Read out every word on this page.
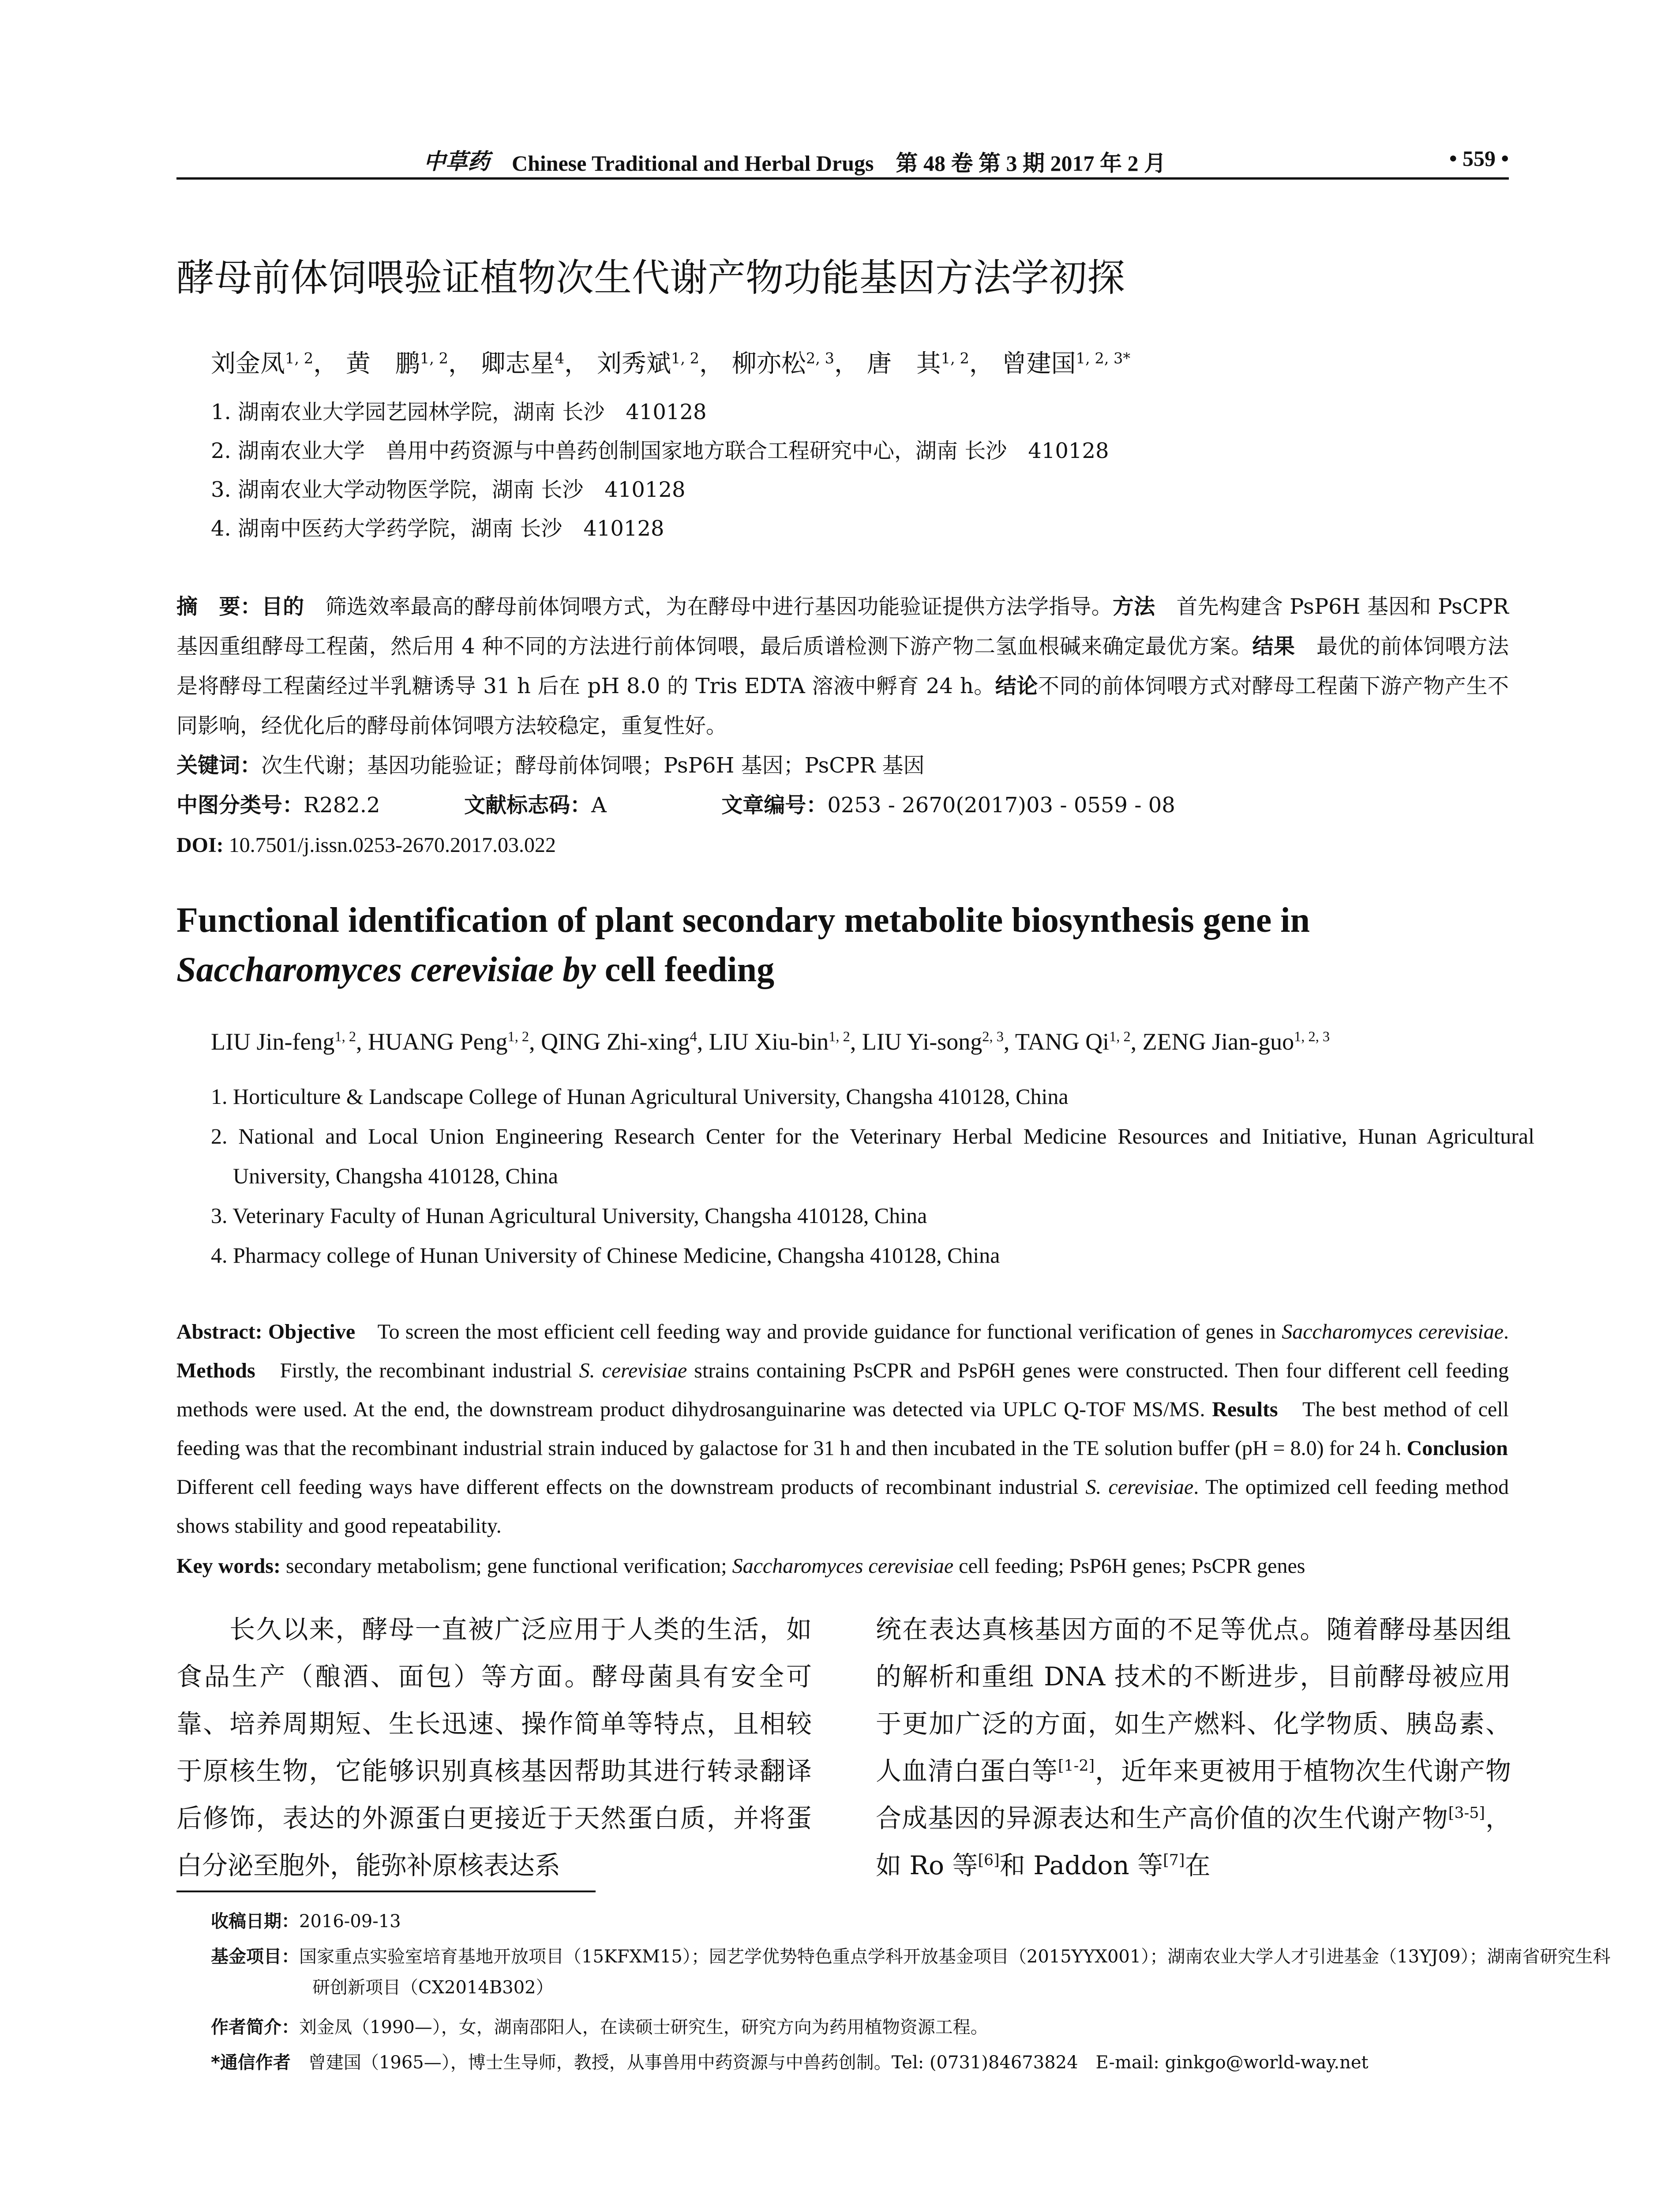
中草药 Chinese Traditional and Herbal Drugs　第 48 卷 第 3 期 2017 年 2 月	• 559 •
酵母前体饲喂验证植物次生代谢产物功能基因方法学初探
刘金凤$^{1, 2}$， 黄　鹏$^{1, 2}$， 卿志星$^4$， 刘秀斌$^{1, 2}$， 柳亦松$^{2, 3}$， 唐　其$^{1, 2}$， 曾建国$^{1, 2, 3*}$
1. 湖南农业大学园艺园林学院，湖南 长沙　410128
2. 湖南农业大学　兽用中药资源与中兽药创制国家地方联合工程研究中心，湖南 长沙　410128
3. 湖南农业大学动物医学院，湖南 长沙　410128
4. 湖南中医药大学药学院，湖南 长沙　410128
摘　要：目的　筛选效率最高的酵母前体饲喂方式，为在酵母中进行基因功能验证提供方法学指导。方法　首先构建含 PsP6H 基因和 PsCPR 基因重组酵母工程菌，然后用 4 种不同的方法进行前体饲喂，最后质谱检测下游产物二氢血根碱来确定最优方案。结果　最优的前体饲喂方法是将酵母工程菌经过半乳糖诱导 31 h 后在 pH 8.0 的 Tris EDTA 溶液中孵育 24 h。结论不同的前体饲喂方式对酵母工程菌下游产物产生不同影响，经优化后的酵母前体饲喂方法较稳定，重复性好。
关键词：次生代谢；基因功能验证；酵母前体饲喂；PsP6H 基因；PsCPR 基因
中图分类号：R282.2	文献标志码：A	文章编号：0253 - 2670(2017)03 - 0559 - 08
DOI: 10.7501/j.issn.0253-2670.2017.03.022
Functional identification of plant secondary metabolite biosynthesis gene in
Saccharomyces cerevisiae by cell feeding
LIU Jin-feng$^{1, 2}$, HUANG Peng$^{1, 2}$, QING Zhi-xing$^4$, LIU Xiu-bin$^{1, 2}$, LIU Yi-song$^{2, 3}$, TANG Qi$^{1, 2}$, ZENG Jian-guo$^{1, 2, 3}$
1. Horticulture & Landscape College of Hunan Agricultural University, Changsha 410128, China
2. National and Local Union Engineering Research Center for the Veterinary Herbal Medicine Resources and Initiative, Hunan Agricultural University, Changsha 410128, China
3. Veterinary Faculty of Hunan Agricultural University, Changsha 410128, China
4. Pharmacy college of Hunan University of Chinese Medicine, Changsha 410128, China
Abstract: Objective　To screen the most efficient cell feeding way and provide guidance for functional verification of genes in Saccharomyces cerevisiae. Methods　Firstly, the recombinant industrial S. cerevisiae strains containing PsCPR and PsP6H genes were constructed. Then four different cell feeding methods were used. At the end, the downstream product dihydrosanguinarine was detected via UPLC Q-TOF MS/MS. Results　The best method of cell feeding was that the recombinant industrial strain induced by galactose for 31 h and then incubated in the TE solution buffer (pH = 8.0) for 24 h. Conclusion　Different cell feeding ways have different effects on the downstream products of recombinant industrial S. cerevisiae. The optimized cell feeding method shows stability and good repeatability.
Key words: secondary metabolism; gene functional verification; Saccharomyces cerevisiae cell feeding; PsP6H genes; PsCPR genes
　　长久以来，酵母一直被广泛应用于人类的生活，如食品生产（酿酒、面包）等方面。酵母菌具有安全可靠、培养周期短、生长迅速、操作简单等特点，且相较于原核生物，它能够识别真核基因帮助其进行转录翻译后修饰，表达的外源蛋白更接近于天然蛋白质，并将蛋白分泌至胞外，能弥补原核表达系
统在表达真核基因方面的不足等优点。随着酵母基因组的解析和重组 DNA 技术的不断进步，目前酵母被应用于更加广泛的方面，如生产燃料、化学物质、胰岛素、人血清白蛋白等[1-2]，近年来更被用于植物次生代谢产物合成基因的异源表达和生产高价值的次生代谢产物[3-5]，如 Ro 等[6]和 Paddon 等[7]在
收稿日期：2016-09-13
基金项目：国家重点实验室培育基地开放项目（15KFXM15）；园艺学优势特色重点学科开放基金项目（2015YYX001）；湖南农业大学人才引进基金（13YJ09）；湖南省研究生科研创新项目（CX2014B302）
作者简介：刘金凤（1990—），女，湖南邵阳人，在读硕士研究生，研究方向为药用植物资源工程。
*通信作者　曾建国（1965—），博士生导师，教授，从事兽用中药资源与中兽药创制。Tel: (0731)84673824　E-mail: ginkgo@world-way.net
